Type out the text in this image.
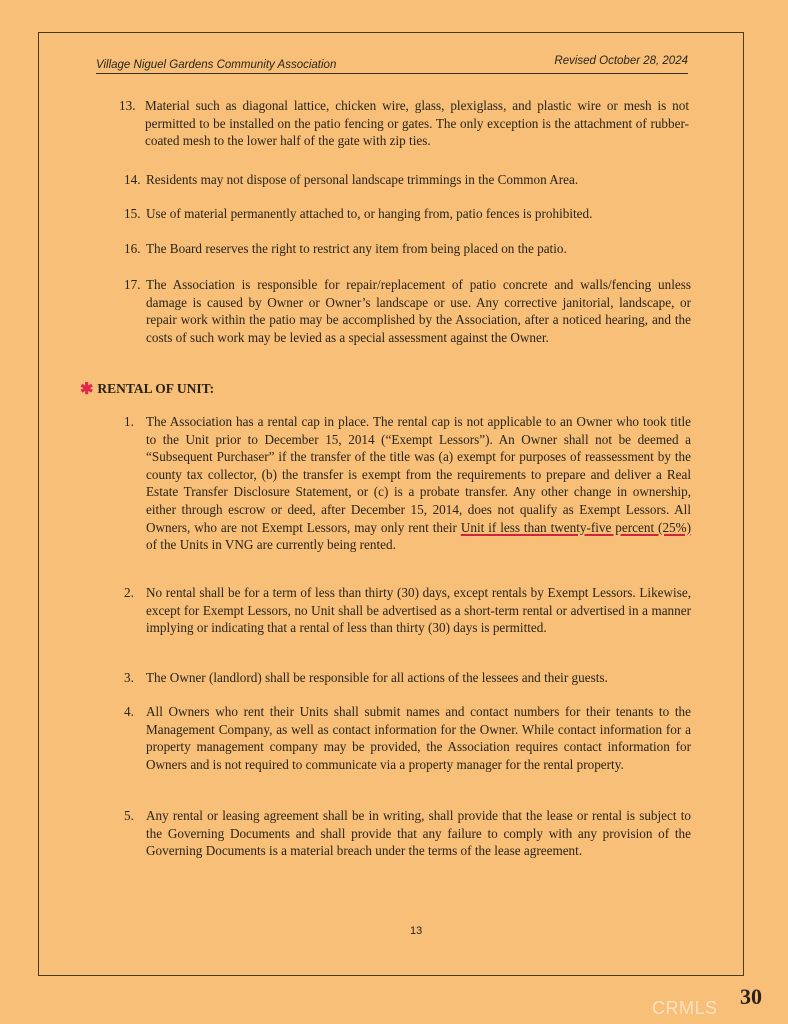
Village Niguel Gardens Community Association	Revised October 28, 2024
13. Material such as diagonal lattice, chicken wire, glass, plexiglass, and plastic wire or mesh is not permitted to be installed on the patio fencing or gates. The only exception is the attachment of rubber-coated mesh to the lower half of the gate with zip ties.
14. Residents may not dispose of personal landscape trimmings in the Common Area.
15. Use of material permanently attached to, or hanging from, patio fences is prohibited.
16. The Board reserves the right to restrict any item from being placed on the patio.
17. The Association is responsible for repair/replacement of patio concrete and walls/fencing unless damage is caused by Owner or Owner’s landscape or use. Any corrective janitorial, landscape, or repair work within the patio may be accomplished by the Association, after a noticed hearing, and the costs of such work may be levied as a special assessment against the Owner.
✱ RENTAL OF UNIT:
1. The Association has a rental cap in place. The rental cap is not applicable to an Owner who took title to the Unit prior to December 15, 2014 (“Exempt Lessors”). An Owner shall not be deemed a “Subsequent Purchaser” if the transfer of the title was (a) exempt for purposes of reassessment by the county tax collector, (b) the transfer is exempt from the requirements to prepare and deliver a Real Estate Transfer Disclosure Statement, or (c) is a probate transfer. Any other change in ownership, either through escrow or deed, after December 15, 2014, does not qualify as Exempt Lessors. All Owners, who are not Exempt Lessors, may only rent their Unit if less than twenty-five percent (25%) of the Units in VNG are currently being rented.
2. No rental shall be for a term of less than thirty (30) days, except rentals by Exempt Lessors. Likewise, except for Exempt Lessors, no Unit shall be advertised as a short-term rental or advertised in a manner implying or indicating that a rental of less than thirty (30) days is permitted.
3. The Owner (landlord) shall be responsible for all actions of the lessees and their guests.
4. All Owners who rent their Units shall submit names and contact numbers for their tenants to the Management Company, as well as contact information for the Owner. While contact information for a property management company may be provided, the Association requires contact information for Owners and is not required to communicate via a property manager for the rental property.
5. Any rental or leasing agreement shall be in writing, shall provide that the lease or rental is subject to the Governing Documents and shall provide that any failure to comply with any provision of the Governing Documents is a material breach under the terms of the lease agreement.
13
30
CRMLS
